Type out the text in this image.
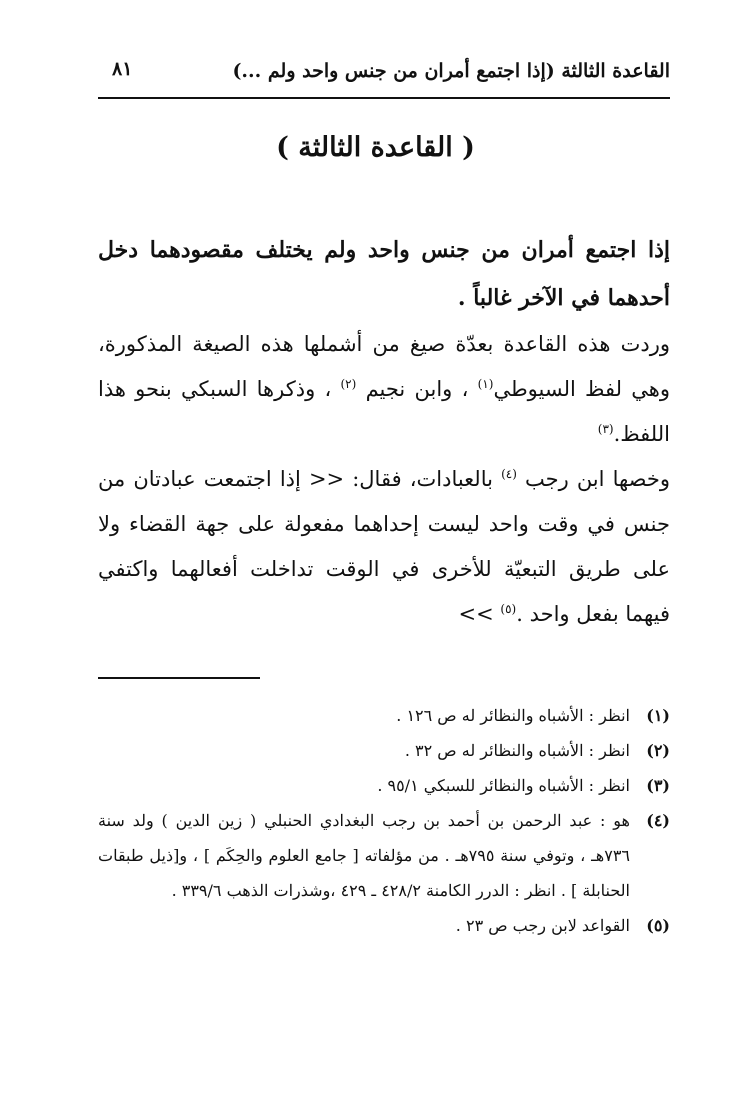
القاعدة الثالثة (إذا اجتمع أمران من جنس واحد ولم ...)
٨١
( القاعدة الثالثة )

إذا اجتمع أمران من جنس واحد ولم يختلف مقصودهما دخل أحدهما في الآخر غالباً .

وردت هذه القاعدة بعدّة صيغ من أشملها هذه الصيغة المذكورة، وهي لفظ السيوطي$^{(١)}$ ، وابن نجيم $^{(٢)}$ ، وذكرها السبكي بنحو هذا اللفظ.$^{(٣)}$

وخصها ابن رجب $^{(٤)}$ بالعبادات، فقال: << إذا اجتمعت عبادتان من جنس في وقت واحد ليست إحداهما مفعولة على جهة القضاء ولا على طريق التبعيّة للأخرى في الوقت تداخلت أفعالهما واكتفي فيهما بفعل واحد .$^{(٥)}$ >>

(١)
انظر : الأشباه والنظائر له ص ١٢٦ .

(٢)
انظر : الأشباه والنظائر له ص ٣٢ .

(٣)
انظر : الأشباه والنظائر للسبكي ٩٥/١ .

(٤)
هو : عبد الرحمن بن أحمد بن رجب البغدادي الحنبلي ( زين الدين ) ولد سنة ٧٣٦هـ ، وتوفي سنة ٧٩٥هـ . من مؤلفاته [ جامع العلوم والحِكَم ] ، و[ذيل طبقات الحنابلة ] . انظر : الدرر الكامنة ٤٢٨/٢ ـ ٤٢٩ ،وشذرات الذهب ٣٣٩/٦ .

(٥)
القواعد لابن رجب ص ٢٣ .
